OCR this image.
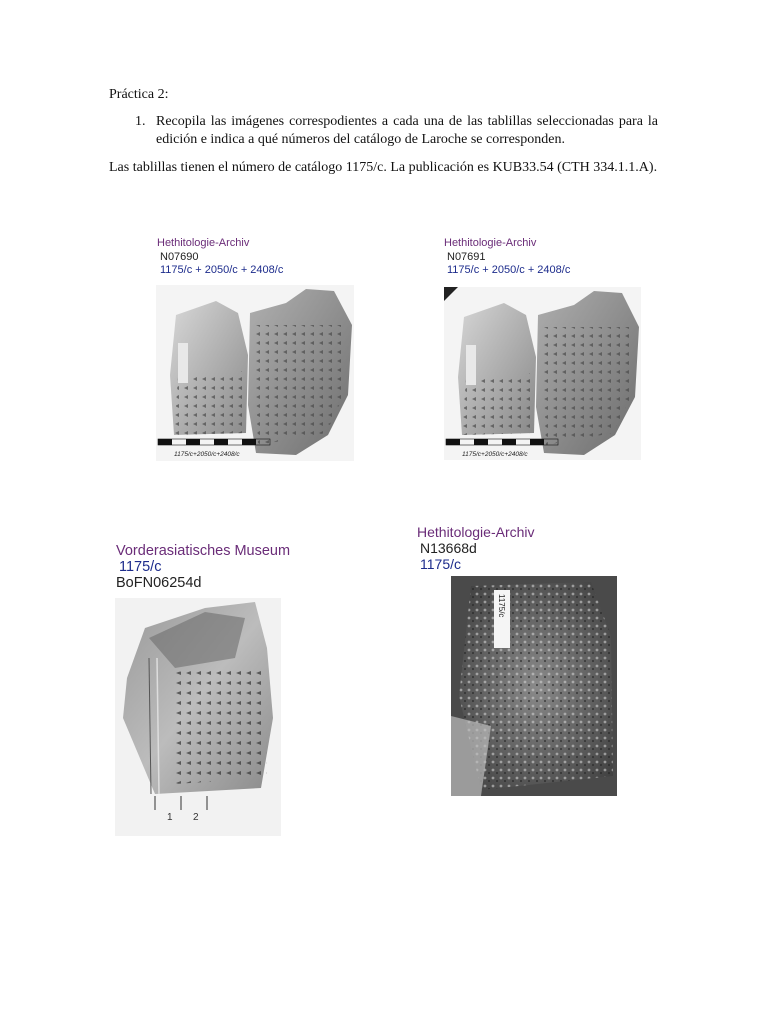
Práctica 2:
1. Recopila las imágenes correspodientes a cada una de las tablillas seleccionadas para la edición e indica a qué números del catálogo de Laroche se corresponden.
Las tablillas tienen el número de catálogo 1175/c. La publicación es KUB33.54 (CTH 334.1.1.A).
Hethitologie-Archiv
N07690
1175/c + 2050/c + 2408/c
1175/c+2050/c+2408/c
Hethitologie-Archiv
N07691
1175/c + 2050/c + 2408/c
1175/c+2050/c+2408/c
Vorderasiatisches Museum
1175/c
BoFN06254d
1 2
Hethitologie-Archiv
N13668d
1175/c
1175/c
